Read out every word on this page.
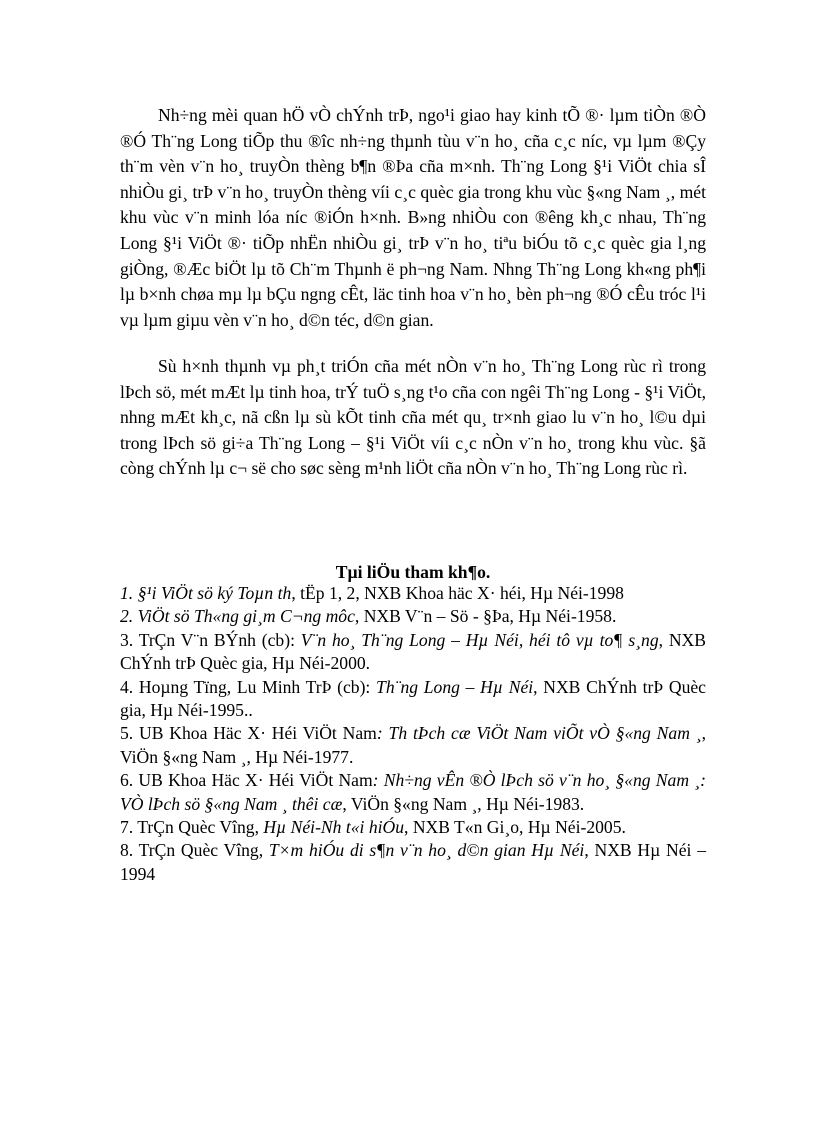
Nh÷ng mèi quan hÖ vÒ chÝnh trÞ, ngo¹i giao hay kinh tÕ ®· lµm tiÒn ®Ò ®Ó Th¨ng Long tiÕp thu ®îc nh÷ng thµnh tùu v¨n ho¸ cña c¸c níc, vµ lµm ®Çy th¨m vèn v¨n ho¸ truyÒn thèng b¶n ®Þa cña m×nh. Th¨ng Long §¹i ViÖt chia sÎ nhiÒu gi¸ trÞ v¨n ho¸ truyÒn thèng víi c¸c quèc gia trong khu vùc §«ng Nam ¸, mét khu vùc v¨n minh lóa níc ®iÓn h×nh. B»ng nhiÒu con ®êng kh¸c nhau, Th¨ng Long §¹i ViÖt ®· tiÕp nhËn nhiÒu gi¸ trÞ v¨n ho¸ tiªu biÓu tõ c¸c quèc gia l¸ng giÒng, ®Æc biÖt lµ tõ Ch¨m Thµnh ë ph¬ng Nam. Nhng Th¨ng Long kh«ng ph¶i lµ b×nh chøa mµ lµ bÇu ngng cÊt, läc tinh hoa v¨n ho¸ bèn ph¬ng ®Ó cÊu tróc l¹i vµ lµm giµu vèn v¨n ho¸ d©n téc, d©n gian.

Sù h×nh thµnh vµ ph¸t triÓn cña mét nÒn v¨n ho¸ Th¨ng Long rùc rì trong lÞch sö, mét mÆt lµ tinh hoa, trÝ tuÖ s¸ng t¹o cña con ngêi Th¨ng Long - §¹i ViÖt, nhng mÆt kh¸c, nã cßn lµ sù kÕt tinh cña mét qu¸ tr×nh giao lu v¨n ho¸ l©u dµi trong lÞch sö gi÷a Th¨ng Long – §¹i ViÖt víi c¸c nÒn v¨n ho¸ trong khu vùc. §ã còng chÝnh lµ c¬ së cho søc sèng m¹nh liÖt cña nÒn v¨n ho¸ Th¨ng Long rùc rì.

Tµi liÖu tham kh¶o.

1. §¹i ViÖt sö ký Toµn th, tËp 1, 2, NXB Khoa häc X· héi, Hµ Néi-1998
2. ViÖt sö Th«ng gi¸m C¬ng môc, NXB V¨n – Sö - §Þa, Hµ Néi-1958.
3. TrÇn V¨n BÝnh (cb): V¨n ho¸ Th¨ng Long – Hµ Néi, héi tô vµ to¶ s¸ng, NXB ChÝnh trÞ Quèc gia, Hµ Néi-2000.
4. Hoµng Tïng, Lu Minh TrÞ (cb): Th¨ng Long – Hµ Néi, NXB ChÝnh trÞ Quèc gia, Hµ Néi-1995..
5. UB Khoa Häc X· Héi ViÖt Nam: Th tÞch cæ ViÖt Nam viÕt vÒ §«ng Nam ¸, ViÖn §«ng Nam ¸, Hµ Néi-1977.
6. UB Khoa Häc X· Héi ViÖt Nam: Nh÷ng vÊn ®Ò lÞch sö v¨n ho¸ §«ng Nam ¸: VÒ lÞch sö §«ng Nam ¸ thêi cæ, ViÖn §«ng Nam ¸, Hµ Néi-1983.
7. TrÇn Quèc Vîng, Hµ Néi-Nh t«i hiÓu, NXB T«n Gi¸o, Hµ Néi-2005.
8. TrÇn Quèc Vîng, T×m hiÓu di s¶n v¨n ho¸ d©n gian Hµ Néi, NXB Hµ Néi – 1994
